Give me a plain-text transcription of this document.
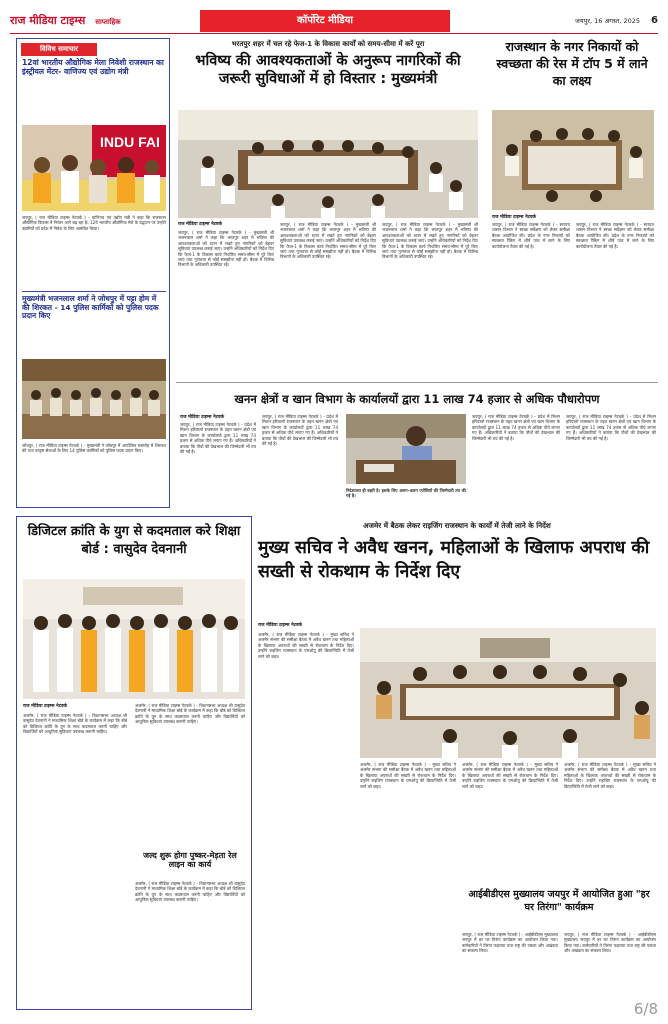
राज मीडिया टाइम्स साप्ताहिक	कॉर्पोरेट मीडिया	जयपुर, 16 अगस्त, 2025	6
विविध समाचार
12वां भारतीय औद्योगिक मेला निवेशी राजस्थान का इंस्ट्रीयल मेंटर- वाणिज्य एवं उद्योग मंत्री
INDU FAI
जयपुर, ( राज मीडिया टाइम्स नेटवर्क ) - वाणिज्य एवं उद्योग मंत्री ने कहा कि राजस्थान औद्योगिक विकास में निरंतर आगे बढ़ रहा है। 12वें भारतीय औद्योगिक मेले के उद्घाटन पर उन्होंने उद्यमियों को प्रदेश में निवेश के लिए आमंत्रित किया।
मुख्यमंत्री भजनलाल शर्मा ने जोधपुर में पट्टा होम में की शिरकत - 14 पुलिस कार्मिकों को पुलिस पदक प्रदान किए
जोधपुर, ( राज मीडिया टाइम्स नेटवर्क ) - मुख्यमंत्री ने जोधपुर में आयोजित समारोह में शिरकत की तथा उत्कृष्ट सेवाओं के लिए 14 पुलिस कार्मिकों को पुलिस पदक प्रदान किए।
भरतपुर शहर में चल रहे फेज-1 के विकास कार्यों को समय-सीमा में करें पूरा
भविष्य की आवश्यकताओं के अनुरूप नागरिकों की जरूरी सुविधाओं में हो विस्तार : मुख्यमंत्री
राज मीडिया टाइम्स नेटवर्क
जयपुर, ( राज मीडिया टाइम्स नेटवर्क ) - मुख्यमंत्री श्री भजनलाल शर्मा ने कहा कि भरतपुर शहर में भविष्य की आवश्यकताओं को ध्यान में रखते हुए नागरिकों को बेहतर सुविधाएं उपलब्ध कराई जाएं। उन्होंने अधिकारियों को निर्देश दिए कि फेज-1 के विकास कार्य निर्धारित समय-सीमा में पूरे किए जाएं तथा गुणवत्ता से कोई समझौता नहीं हो। बैठक में विभिन्न विभागों के अधिकारी उपस्थित रहे।
जयपुर, ( राज मीडिया टाइम्स नेटवर्क ) - मुख्यमंत्री श्री भजनलाल शर्मा ने कहा कि भरतपुर शहर में भविष्य की आवश्यकताओं को ध्यान में रखते हुए नागरिकों को बेहतर सुविधाएं उपलब्ध कराई जाएं। उन्होंने अधिकारियों को निर्देश दिए कि फेज-1 के विकास कार्य निर्धारित समय-सीमा में पूरे किए जाएं तथा गुणवत्ता से कोई समझौता नहीं हो। बैठक में विभिन्न विभागों के अधिकारी उपस्थित रहे।
जयपुर, ( राज मीडिया टाइम्स नेटवर्क ) - मुख्यमंत्री श्री भजनलाल शर्मा ने कहा कि भरतपुर शहर में भविष्य की आवश्यकताओं को ध्यान में रखते हुए नागरिकों को बेहतर सुविधाएं उपलब्ध कराई जाएं। उन्होंने अधिकारियों को निर्देश दिए कि फेज-1 के विकास कार्य निर्धारित समय-सीमा में पूरे किए जाएं तथा गुणवत्ता से कोई समझौता नहीं हो। बैठक में विभिन्न विभागों के अधिकारी उपस्थित रहे।
राजस्थान के नगर निकायों को स्वच्छता की रेस में टॉप 5 में लाने का लक्ष्य
राज मीडिया टाइम्स नेटवर्क
जयपुर, ( राज मीडिया टाइम्स नेटवर्क ) - स्वायत्त शासन विभाग ने स्वच्छ सर्वेक्षण को लेकर समीक्षा बैठक आयोजित की। प्रदेश के नगर निकायों को स्वच्छता रैंकिंग में शीर्ष पांच में लाने के लिए कार्ययोजना तैयार की गई है।
जयपुर, ( राज मीडिया टाइम्स नेटवर्क ) - स्वायत्त शासन विभाग ने स्वच्छ सर्वेक्षण को लेकर समीक्षा बैठक आयोजित की। प्रदेश के नगर निकायों को स्वच्छता रैंकिंग में शीर्ष पांच में लाने के लिए कार्ययोजना तैयार की गई है।
खनन क्षेत्रों व खान विभाग के कार्यालयों द्वारा 11 लाख 74 हजार से अधिक पौधारोपण
राज मीडिया टाइम्स नेटवर्क
जयपुर, ( राज मीडिया टाइम्स नेटवर्क ) - प्रदेश में मिशन हरियालो राजस्थान के तहत खनन क्षेत्रों एवं खान विभाग के कार्यालयों द्वारा 11 लाख 74 हजार से अधिक पौधे लगाए गए हैं। अधिकारियों ने बताया कि पौधों की देखभाल की जिम्मेदारी भी तय की गई है।
जयपुर, ( राज मीडिया टाइम्स नेटवर्क ) - प्रदेश में मिशन हरियालो राजस्थान के तहत खनन क्षेत्रों एवं खान विभाग के कार्यालयों द्वारा 11 लाख 74 हजार से अधिक पौधे लगाए गए हैं। अधिकारियों ने बताया कि पौधों की देखभाल की जिम्मेदारी भी तय की गई है।
निदेशालय ही बहरी है। इसके लिए अलग-अलग एजेंसियों की जिम्मेदारी तय की गई है।
जयपुर, ( राज मीडिया टाइम्स नेटवर्क ) - प्रदेश में मिशन हरियालो राजस्थान के तहत खनन क्षेत्रों एवं खान विभाग के कार्यालयों द्वारा 11 लाख 74 हजार से अधिक पौधे लगाए गए हैं। अधिकारियों ने बताया कि पौधों की देखभाल की जिम्मेदारी भी तय की गई है।
जयपुर, ( राज मीडिया टाइम्स नेटवर्क ) - प्रदेश में मिशन हरियालो राजस्थान के तहत खनन क्षेत्रों एवं खान विभाग के कार्यालयों द्वारा 11 लाख 74 हजार से अधिक पौधे लगाए गए हैं। अधिकारियों ने बताया कि पौधों की देखभाल की जिम्मेदारी भी तय की गई है।
डिजिटल क्रांति के युग से कदमताल करे शिक्षा बोर्ड : वासुदेव देवनानी
राज मीडिया टाइम्स नेटवर्क
अजमेर, ( राज मीडिया टाइम्स नेटवर्क ) - विधानसभा अध्यक्ष श्री वासुदेव देवनानी ने माध्यमिक शिक्षा बोर्ड के कार्यक्रम में कहा कि बोर्ड को डिजिटल क्रांति के युग के साथ कदमताल करनी चाहिए और विद्यार्थियों को आधुनिक सुविधाएं उपलब्ध करानी चाहिए।
अजमेर, ( राज मीडिया टाइम्स नेटवर्क ) - विधानसभा अध्यक्ष श्री वासुदेव देवनानी ने माध्यमिक शिक्षा बोर्ड के कार्यक्रम में कहा कि बोर्ड को डिजिटल क्रांति के युग के साथ कदमताल करनी चाहिए और विद्यार्थियों को आधुनिक सुविधाएं उपलब्ध करानी चाहिए।
जल्द शुरू होगा पुष्कर-मेड़ता रेल लाइन का कार्य
अजमेर, ( राज मीडिया टाइम्स नेटवर्क ) - विधानसभा अध्यक्ष श्री वासुदेव देवनानी ने माध्यमिक शिक्षा बोर्ड के कार्यक्रम में कहा कि बोर्ड को डिजिटल क्रांति के युग के साथ कदमताल करनी चाहिए और विद्यार्थियों को आधुनिक सुविधाएं उपलब्ध करानी चाहिए।
अजमेर में बैठक लेकर राइजिंग राजस्थान के कार्यों में तेजी लाने के निर्देश
मुख्य सचिव ने अवैध खनन, महिलाओं के खिलाफ अपराध की सख्ती से रोकथाम के निर्देश दिए
राज मीडिया टाइम्स नेटवर्क
अजमेर, ( राज मीडिया टाइम्स नेटवर्क ) - मुख्य सचिव ने अजमेर संभाग की समीक्षा बैठक में अवैध खनन तथा महिलाओं के खिलाफ अपराधों की सख्ती से रोकथाम के निर्देश दिए। उन्होंने राइजिंग राजस्थान के एमओयू की क्रियान्विति में तेजी लाने को कहा।
अजमेर, ( राज मीडिया टाइम्स नेटवर्क ) - मुख्य सचिव ने अजमेर संभाग की समीक्षा बैठक में अवैध खनन तथा महिलाओं के खिलाफ अपराधों की सख्ती से रोकथाम के निर्देश दिए। उन्होंने राइजिंग राजस्थान के एमओयू की क्रियान्विति में तेजी लाने को कहा।
अजमेर, ( राज मीडिया टाइम्स नेटवर्क ) - मुख्य सचिव ने अजमेर संभाग की समीक्षा बैठक में अवैध खनन तथा महिलाओं के खिलाफ अपराधों की सख्ती से रोकथाम के निर्देश दिए। उन्होंने राइजिंग राजस्थान के एमओयू की क्रियान्विति में तेजी लाने को कहा।
अजमेर, ( राज मीडिया टाइम्स नेटवर्क ) - मुख्य सचिव ने अजमेर संभाग की समीक्षा बैठक में अवैध खनन तथा महिलाओं के खिलाफ अपराधों की सख्ती से रोकथाम के निर्देश दिए। उन्होंने राइजिंग राजस्थान के एमओयू की क्रियान्विति में तेजी लाने को कहा।
आईबीडीएस मुख्यालय जयपुर में आयोजित हुआ "हर घर तिरंगा" कार्यक्रम
जयपुर, ( राज मीडिया टाइम्स नेटवर्क ) - आईबीडीएस मुख्यालय जयपुर में हर घर तिरंगा कार्यक्रम का आयोजन किया गया। कर्मचारियों ने तिरंगा फहराया तथा राष्ट्र की एकता और अखंडता का संकल्प लिया।
जयपुर, ( राज मीडिया टाइम्स नेटवर्क ) - आईबीडीएस मुख्यालय जयपुर में हर घर तिरंगा कार्यक्रम का आयोजन किया गया। कर्मचारियों ने तिरंगा फहराया तथा राष्ट्र की एकता और अखंडता का संकल्प लिया।
6/8
